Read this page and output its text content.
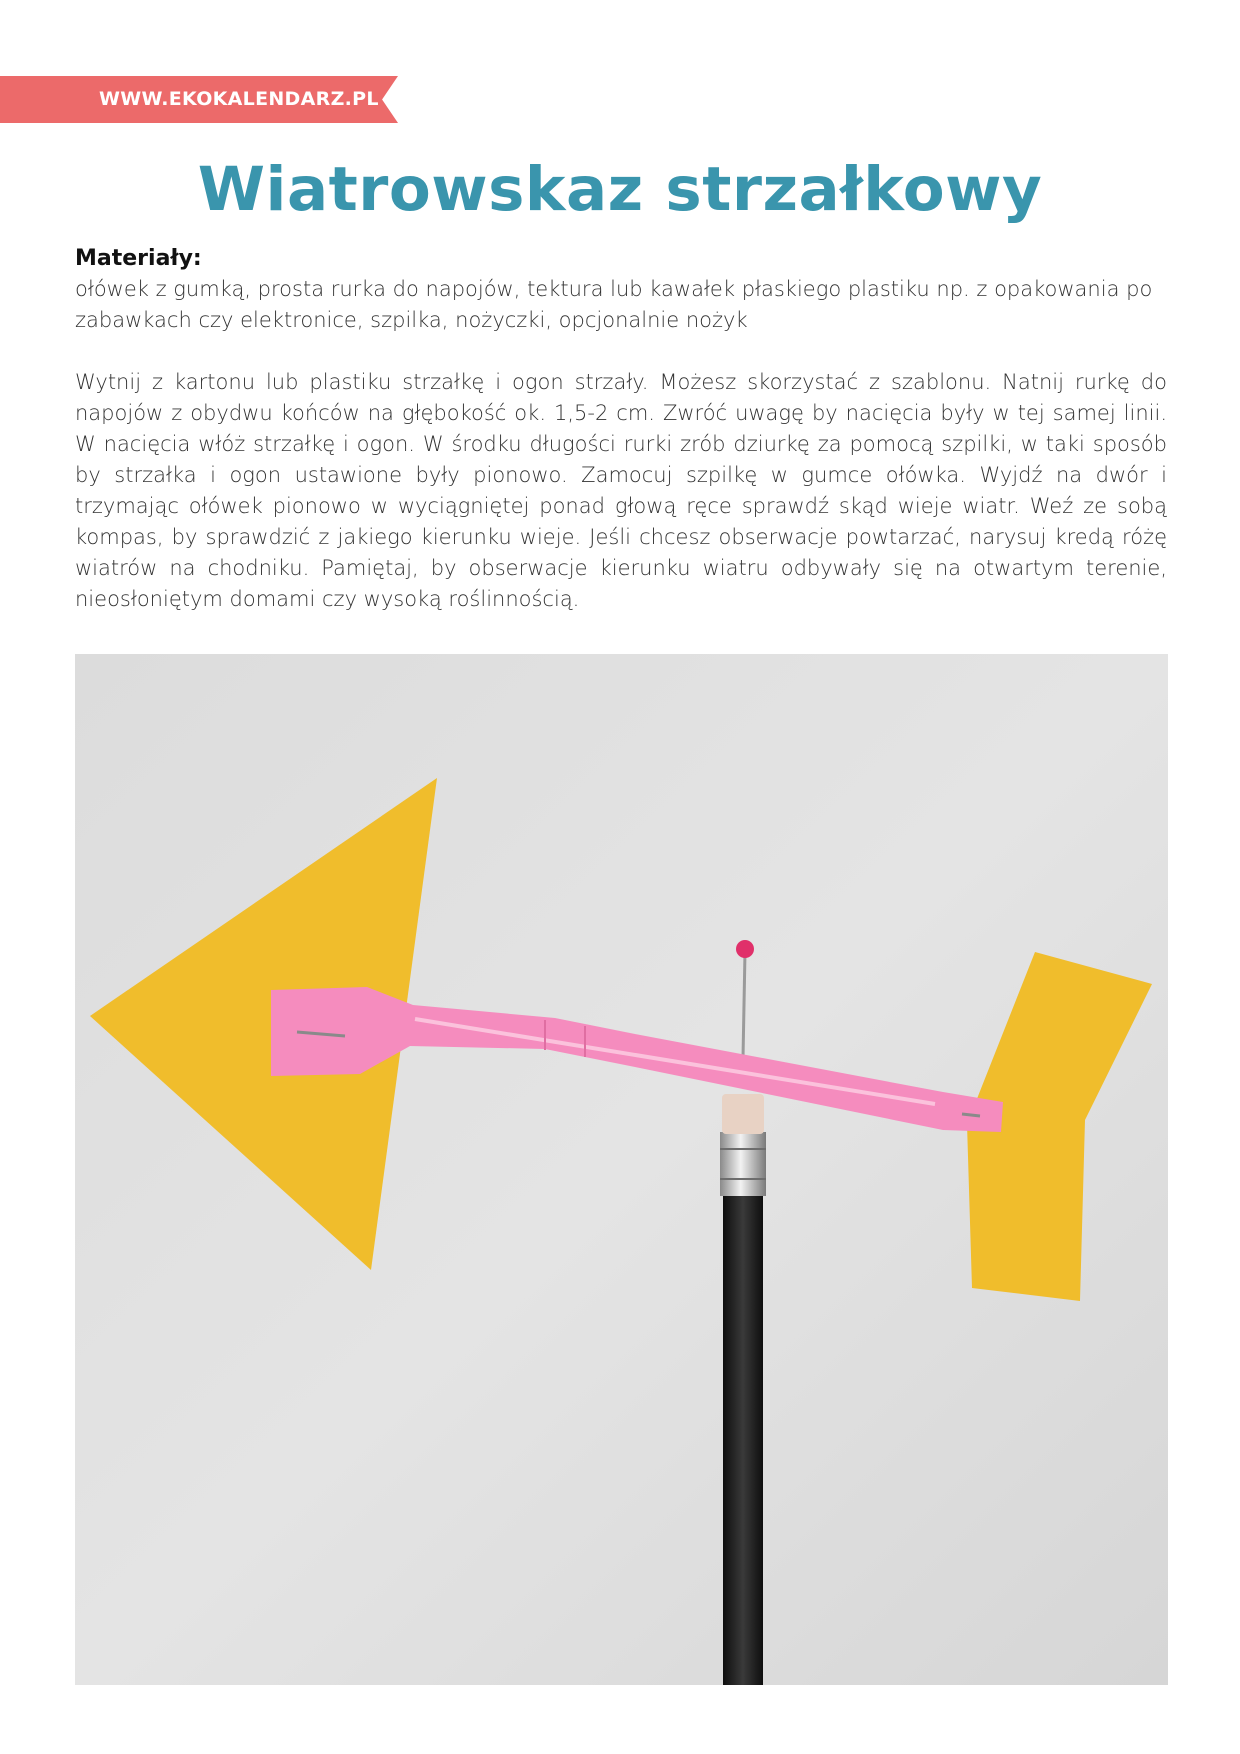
WWW.EKOKALENDARZ.PL
Wiatrowskaz strzałkowy
Materiały:
ołówek z gumką, prosta rurka do napojów, tektura lub kawałek płaskiego plastiku np. z opakowania po zabawkach czy elektronice, szpilka, nożyczki, opcjonalnie nożyk
Wytnij z kartonu lub plastiku strzałkę i ogon strzały. Możesz skorzystać z szablonu. Natnij rurkę do napojów z obydwu końców na głębokość ok. 1,5-2 cm. Zwróć uwagę by nacięcia były w tej samej linii. W nacięcia włóż strzałkę i ogon. W środku długości rurki zrób dziurkę za pomocą szpilki, w taki sposób by strzałka i ogon ustawione były pionowo. Zamocuj szpilkę w gumce ołówka. Wyjdź na dwór i trzymając ołówek pionowo w wyciągniętej ponad głową ręce sprawdź skąd wieje wiatr. Weź ze sobą kompas, by sprawdzić z jakiego kierunku wieje. Jeśli chcesz obserwacje powtarzać, narysuj kredą różę wiatrów na chodniku. Pamiętaj, by obserwacje kierunku wiatru odbywały się na otwartym terenie, nieosłoniętym domami czy wysoką roślinnością.
